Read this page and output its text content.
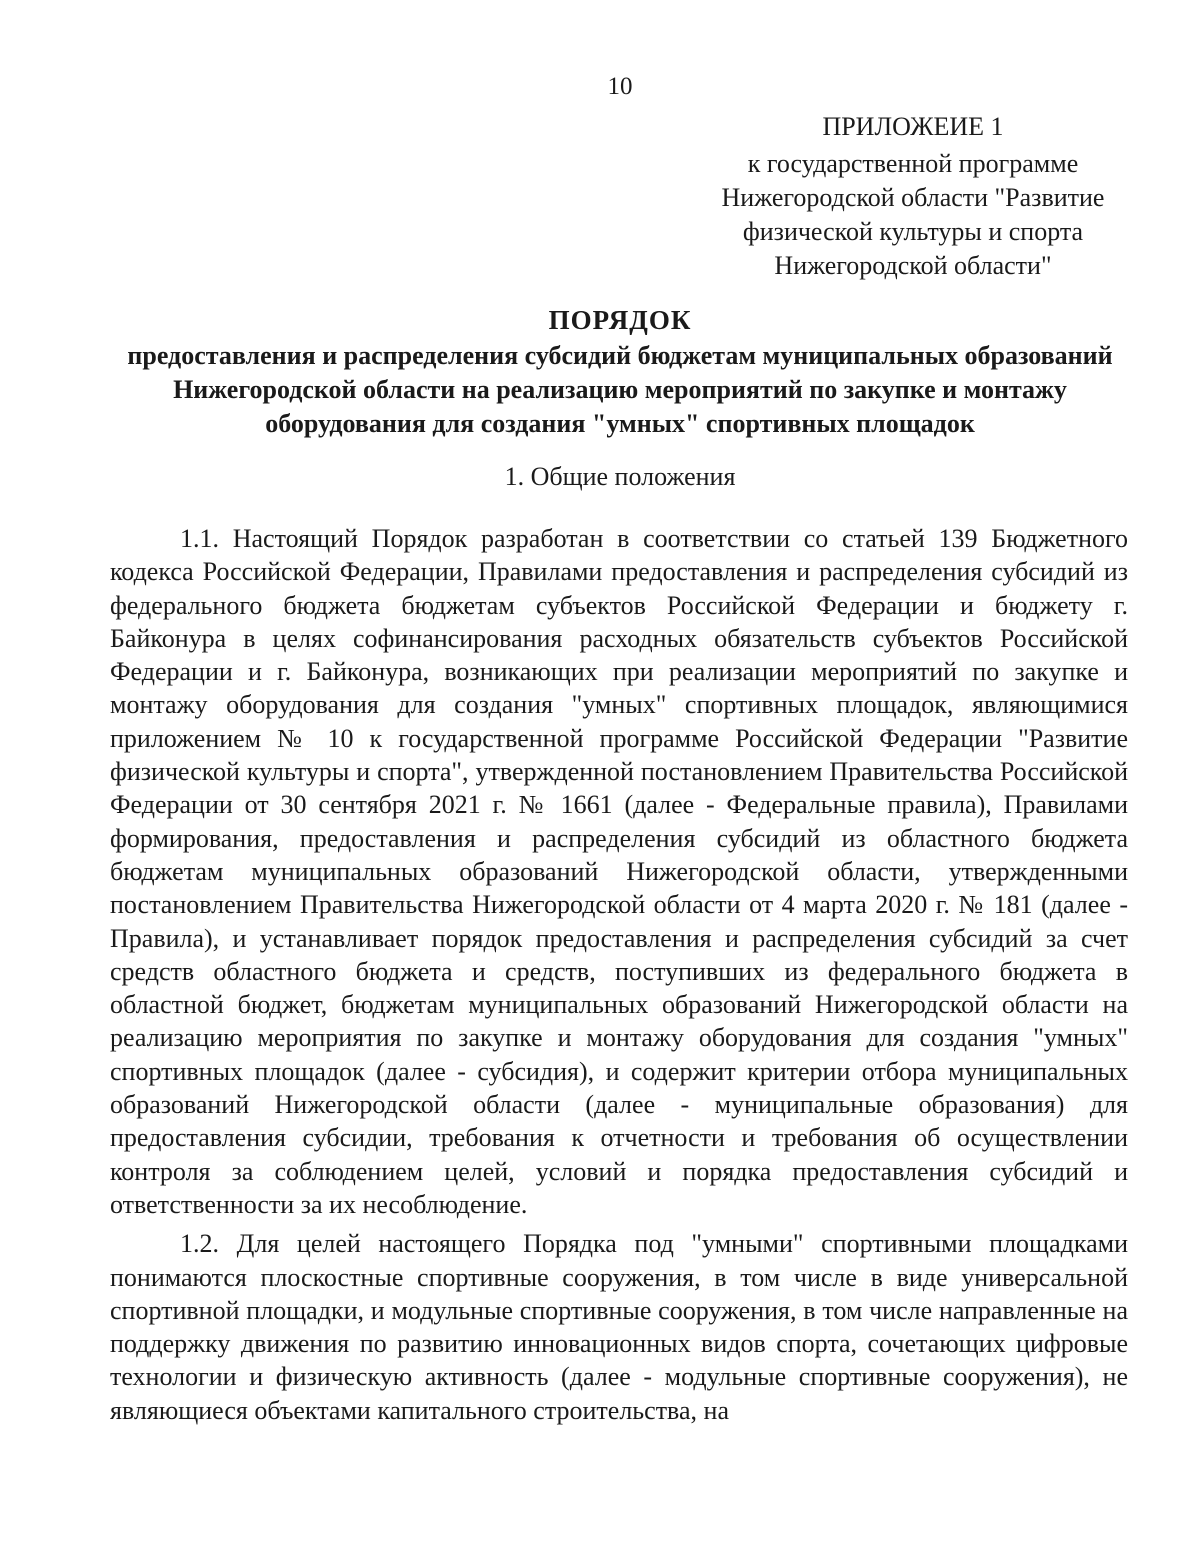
10
ПРИЛОЖЕИЕ 1
к государственной программе Нижегородской области "Развитие физической культуры и спорта Нижегородской области"
ПОРЯДОК
предоставления и распределения субсидий бюджетам муниципальных образований Нижегородской области на реализацию мероприятий по закупке и монтажу оборудования для создания "умных" спортивных площадок
1. Общие положения

1.1. Настоящий Порядок разработан в соответствии со статьей 139 Бюджетного кодекса Российской Федерации, Правилами предоставления и распределения субсидий из федерального бюджета бюджетам субъектов Российской Федерации и бюджету г. Байконура в целях софинансирования расходных обязательств субъектов Российской Федерации и г. Байконура, возникающих при реализации мероприятий по закупке и монтажу оборудования для создания "умных" спортивных площадок, являющимися приложением № 10 к государственной программе Российской Федерации "Развитие физической культуры и спорта", утвержденной постановлением Правительства Российской Федерации от 30 сентября 2021 г. № 1661 (далее - Федеральные правила), Правилами формирования, предоставления и распределения субсидий из областного бюджета бюджетам муниципальных образований Нижегородской области, утвержденными постановлением Правительства Нижегородской области от 4 марта 2020 г. № 181 (далее - Правила), и устанавливает порядок предоставления и распределения субсидий за счет средств областного бюджета и средств, поступивших из федерального бюджета в областной бюджет, бюджетам муниципальных образований Нижегородской области на реализацию мероприятия по закупке и монтажу оборудования для создания "умных" спортивных площадок (далее - субсидия), и содержит критерии отбора муниципальных образований Нижегородской области (далее - муниципальные образования) для предоставления субсидии, требования к отчетности и требования об осуществлении контроля за соблюдением целей, условий и порядка предоставления субсидий и ответственности за их несоблюдение.

1.2. Для целей настоящего Порядка под "умными" спортивными площадками понимаются плоскостные спортивные сооружения, в том числе в виде универсальной спортивной площадки, и модульные спортивные сооружения, в том числе направленные на поддержку движения по развитию инновационных видов спорта, сочетающих цифровые технологии и физическую активность (далее - модульные спортивные сооружения), не являющиеся объектами капитального строительства, на
